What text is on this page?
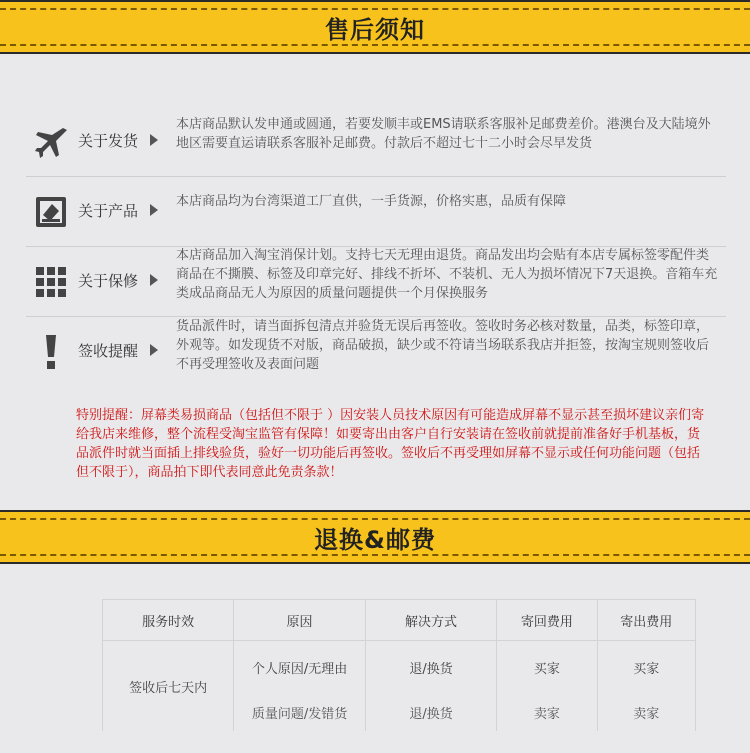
售后须知
关于发货
本店商品默认发申通或圆通，若要发顺丰或EMS请联系客服补足邮费差价。港澳台及大陆境外地区需要直运请联系客服补足邮费。付款后不超过七十二小时会尽早发货
关于产品
本店商品均为台湾渠道工厂直供，一手货源，价格实惠，品质有保障
关于保修
本店商品加入淘宝消保计划。支持七天无理由退货。商品发出均会贴有本店专属标签零配件类商品在不撕膜、标签及印章完好、排线不折坏、不装机、无人为损坏情况下7天退换。音箱车充类成品商品无人为原因的质量问题提供一个月保换服务
签收提醒
货品派件时，请当面拆包清点并验货无误后再签收。签收时务必核对数量，品类，标签印章，外观等。如发现货不对版，商品破损，缺少或不符请当场联系我店并拒签，按淘宝规则签收后不再受理签收及表面问题
特别提醒：屏幕类易损商品（包括但不限于 ）因安装人员技术原因有可能造成屏幕不显示甚至损坏建议亲们寄给我店来维修，整个流程受淘宝监管有保障！如要寄出由客户自行安装请在签收前就提前准备好手机基板，货品派件时就当面插上排线验货，验好一切功能后再签收。签收后不再受理如屏幕不显示或任何功能问题（包括但不限于），商品拍下即代表同意此免责条款！
退换&邮费
服务时效	原因	解决方式	寄回费用	寄出费用
签收后七天内	个人原因/无理由	退/换货	买家	买家
	质量问题/发错货	退/换货	卖家	卖家
